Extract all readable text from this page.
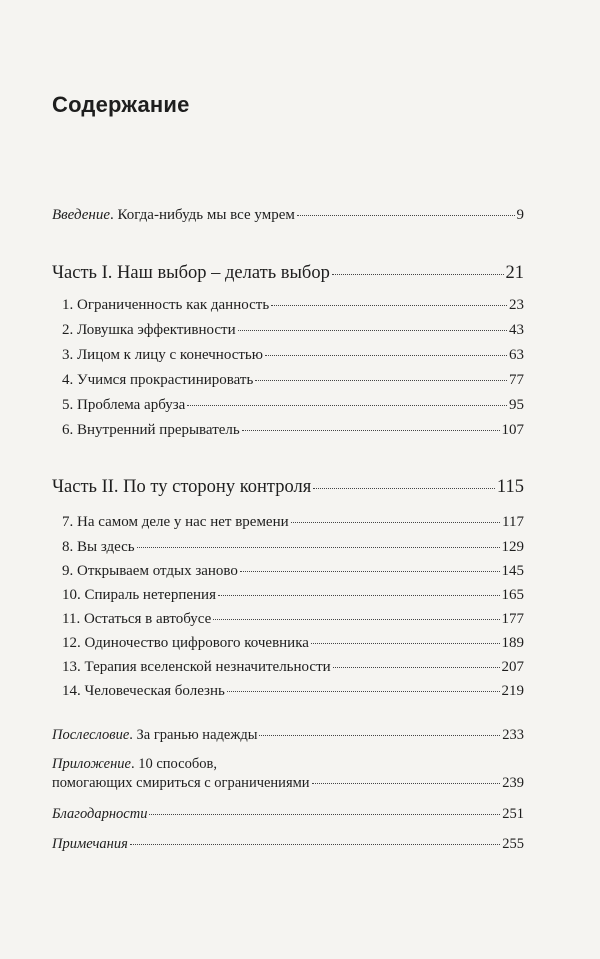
Содержание
Введение. Когда-нибудь мы все умрем	9
Часть I. Наш выбор – делать выбор	21
1. Ограниченность как данность	23
2. Ловушка эффективности	43
3. Лицом к лицу с конечностью	63
4. Учимся прокрастинировать	77
5. Проблема арбуза	95
6. Внутренний прерыватель	107
Часть II. По ту сторону контроля	115
7. На самом деле у нас нет времени	117
8. Вы здесь	129
9. Открываем отдых заново	145
10. Спираль нетерпения	165
11. Остаться в автобусе	177
12. Одиночество цифрового кочевника	189
13. Терапия вселенской незначительности	207
14. Человеческая болезнь	219
Послесловие. За гранью надежды	233
Приложение. 10 способов,
помогающих смириться с ограничениями	239
Благодарности	251
Примечания	255
